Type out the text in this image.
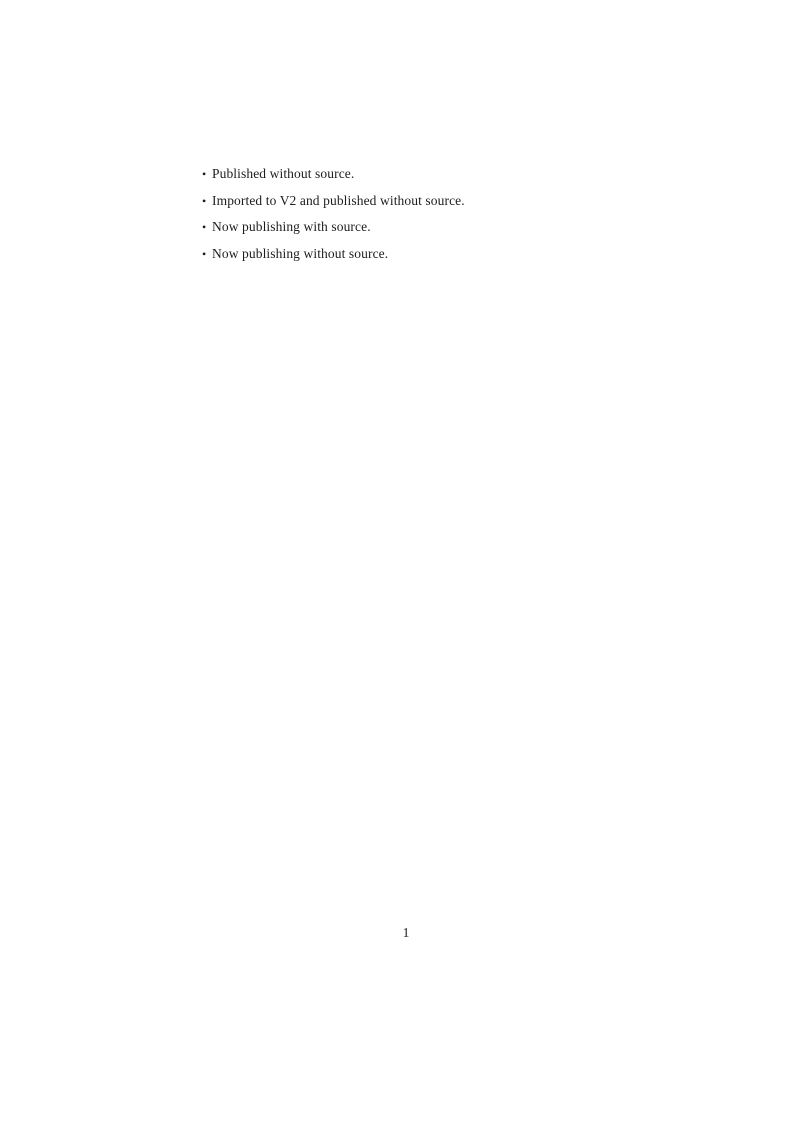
• Published without source.
• Imported to V2 and published without source.
• Now publishing with source.
• Now publishing without source.
1
